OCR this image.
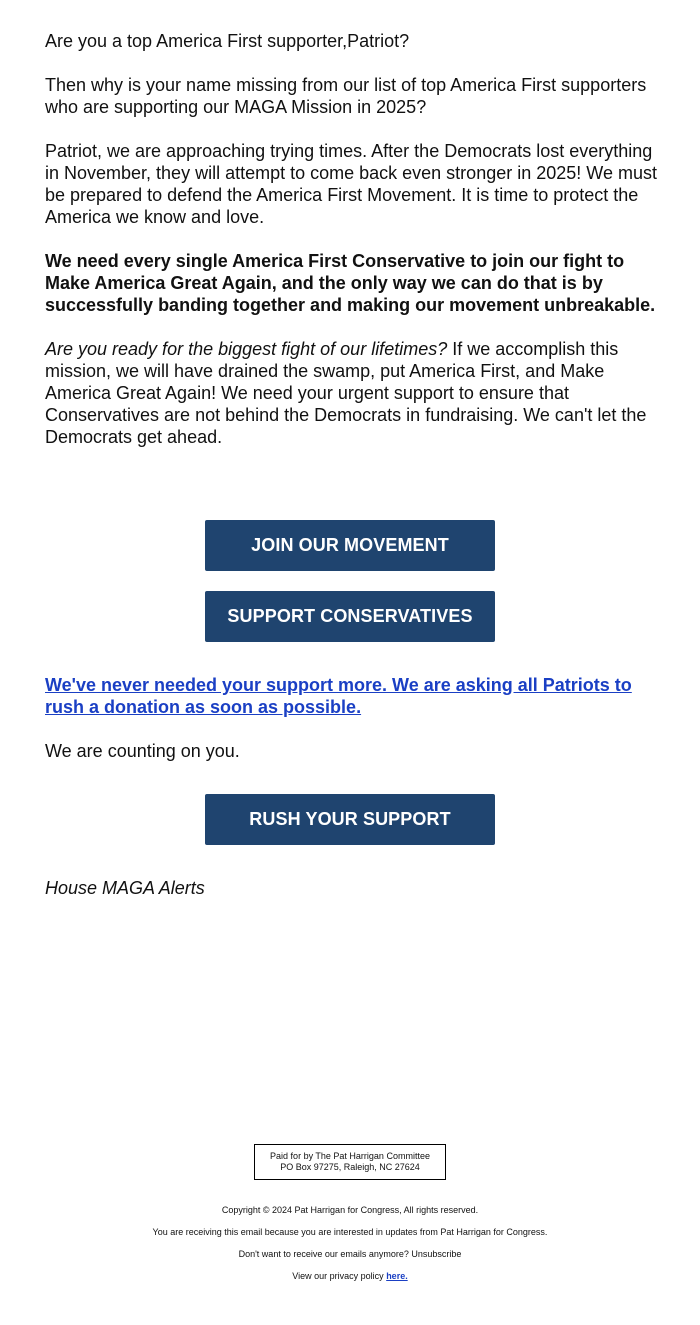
Are you a top America First supporter,Patriot?

Then why is your name missing from our list of top America First supporters who are supporting our MAGA Mission in 2025?

Patriot, we are approaching trying times. After the Democrats lost everything in November, they will attempt to come back even stronger in 2025! We must be prepared to defend the America First Movement. It is time to protect the America we know and love.

We need every single America First Conservative to join our fight to Make America Great Again, and the only way we can do that is by successfully banding together and making our movement unbreakable.

Are you ready for the biggest fight of our lifetimes? If we accomplish this mission, we will have drained the swamp, put America First, and Make America Great Again! We need your urgent support to ensure that Conservatives are not behind the Democrats in fundraising. We can't let the Democrats get ahead.

JOIN OUR MOVEMENT
SUPPORT CONSERVATIVES
We've never needed your support more. We are asking all Patriots to rush a donation as soon as possible.
We are counting on you.
RUSH YOUR SUPPORT
House MAGA Alerts
Paid for by The Pat Harrigan Committee
PO Box 97275, Raleigh, NC 27624
Copyright © 2024 Pat Harrigan for Congress, All rights reserved.
You are receiving this email because you are interested in updates from Pat Harrigan for Congress.
Don't want to receive our emails anymore? Unsubscribe
View our privacy policy here.
